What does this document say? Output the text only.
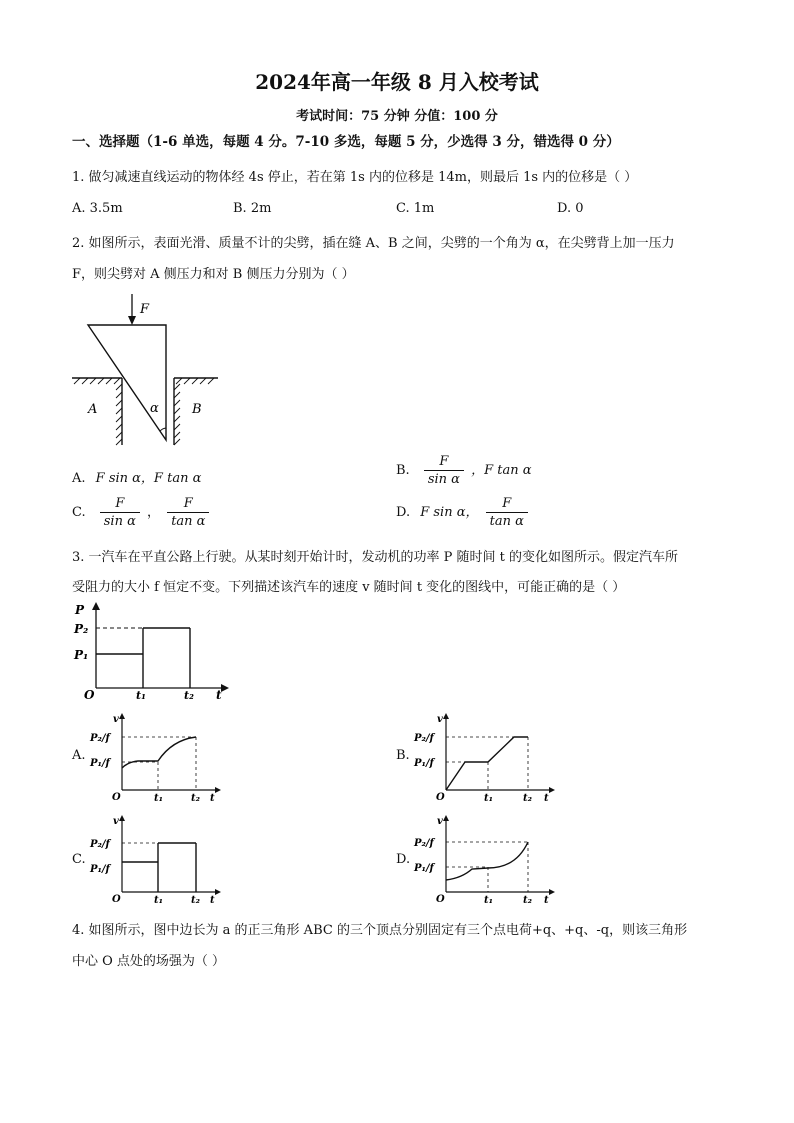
2024年高一年级 8 月入校考试
考试时间：75 分钟 分值：100 分
一、选择题（1-6 单选，每题 4 分。7-10 多选，每题 5 分，少选得 3 分，错选得 0 分）
1. 做匀减速直线运动的物体经 4s 停止，若在第 1s 内的位移是 14m，则最后 1s 内的位移是（ ）
A. 3.5m	B. 2m	C. 1m	D. 0
2. 如图所示，表面光滑、质量不计的尖劈，插在缝 A、B 之间，尖劈的一个角为 α，在尖劈背上加一压力
F，则尖劈对 A 侧压力和对 B 侧压力分别为（ ）
F
α
A	B
A. F sin α，F tan α
B. $\frac{F}{\text{sin α}}$ ，F tan α
C. $\frac{F}{\text{sin α}}$ ， $\frac{F}{\text{tan α}}$	D. F sin α， $\frac{F}{\text{tan α}}$
3. 一汽车在平直公路上行驶。从某时刻开始计时，发动机的功率 P 随时间 t 的变化如图所示。假定汽车所
受阻力的大小 f 恒定不变。下列描述该汽车的速度 v 随时间 t 变化的图线中，可能正确的是（ ）
P
P₂
P₁
O	t₁	t₂ t
A.
v
P₂/f
P₁/f
O	t₁	t₂ t
B.
v
P₂/f
P₁/f
O	t₁	t₂ t
C.
v
P₂/f
P₁/f
O	t₁	t₂ t
D.
v
P₂/f
P₁/f
O	t₁	t₂ t
4. 如图所示，图中边长为 a 的正三角形 ABC 的三个顶点分别固定有三个点电荷+q、+q、-q，则该三角形
中心 O 点处的场强为（ ）
